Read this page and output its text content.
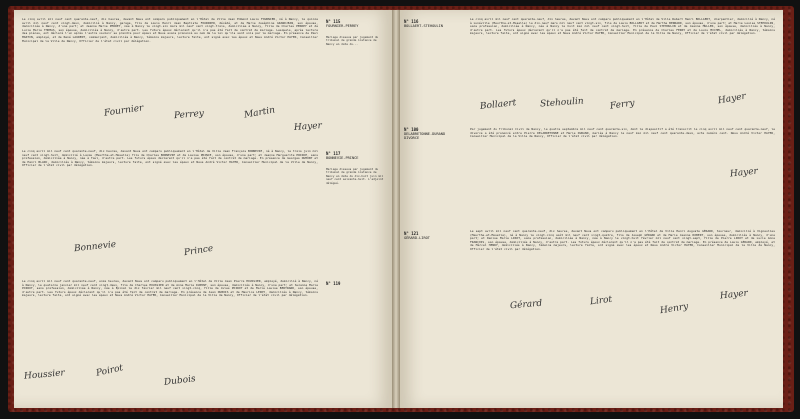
Le cinq avril mil neuf cent quarante-neuf, dix heures, devant Nous ont comparu publiquement en l'Hôtel de Ville Jean Edmond Louis FOURNIER, né à Nancy, le quinze avril mil neuf cent vingt-deux, domicilié à Nancy, garage, fils de Louis Henri Jean Baptiste FOURNIER, décédé, et de Marie Joséphine GRANDJEAN, son épouse, domiciliée à Nancy, d'une part; et Jeanne Marie PERREY, née à Nancy le vingt-six mars mil neuf cent vingt-trois, domiciliée à Nancy, fille de Charles PERREY et de Lucie Marie THOMAS, son épouse, domiciliés à Nancy, d'autre part. Les futurs époux déclarent qu'il n'a pas été fait de contrat de mariage. Lesquels, après lecture des pièces, ont déclaré l'un après l'autre vouloir se prendre pour époux et Nous avons prononcé au nom de la loi qu'ils sont unis par le mariage. En présence de Paul MARTIN, employé, et de René LAURENT, commerçant, domiciliés à Nancy, témoins majeurs, lecture faite, ont signé avec les époux et Nous André Victor HAYER, Conseiller Municipal de la Ville de Nancy, Officier de l'état civil par délégation.

N° 115
FOURNIER-PERREY
Mariage dissous par jugement du tribunal de grande instance de Nancy en date du...
Fournier	Perrey	Martin
Hayer

Le cinq avril mil neuf cent quarante-neuf, dix heures, devant Nous ont comparu publiquement en l'Hôtel de Ville Jean François BONNEVIE, né à Nancy, le trois juin mil neuf cent vingt-huit, domicilié à Laxou (Meurthe-et-Moselle) fils de Charles BONNEVIE et de Louise PRINCE, son épouse, d'une part; et Jeanne Marguerite PRINCE, sans profession, domiciliée à Nancy, née à Toul, d'autre part. Les futurs époux déclarent qu'il n'a pas été fait de contrat de mariage. En présence de Georges DUMONT et de Henri BLANC, domiciliés à Nancy, témoins majeurs, lecture faite, ont signé avec les époux et Nous André Victor HAYER, Conseiller Municipal de la Ville de Nancy, Officier de l'état civil par délégation.

N° 117
BONNEVIE-PRINCE
Mariage dissous par jugement du tribunal de grande instance de Nancy en date du dix-huit juin mil neuf cent soixante-huit. L'adjoint délégué.
Bonnevie	Prince

Le cinq avril mil neuf cent quarante-neuf, onze heures, devant Nous ont comparu publiquement en l'Hôtel de Ville Jean Pierre HOUSSIER, employé, domicilié à Nancy, né à Nancy, le quatorze janvier mil neuf cent vingt-deux, fils de Charles HOUSSIER et de Anne Marie DUPONT, son épouse, domiciliés à Nancy, d'une part; et Suzanne Marie POIROT, sans profession, domiciliée à Nancy, née à Épinal le dix février mil neuf cent vingt-cinq, fille de Jules POIROT et de Marie Louise BERTRAND, son épouse, d'autre part. Les futurs époux déclarent qu'il n'a pas été fait de contrat de mariage. En présence de Jean DUBOIS et de Maurice LEROY, domiciliés à Nancy, témoins majeurs, lecture faite, ont signé avec les époux et Nous André Victor HAYER, Conseiller Municipal de la Ville de Nancy, Officier de l'état civil par délégation.

N° 119
Houssier	Poirot
Dubois
N° 116
BOLLAERT-STEHOULIN

Le cinq avril mil neuf cent quarante-neuf, dix heures, devant Nous ont comparu publiquement en l'Hôtel de Ville Robert Henri BOLLAERT, charpentier, domicilié à Nancy, né à Lunéville (Meurthe-et-Moselle) le dix-neuf mars mil neuf cent vingt-six, fils de Louis BOLLAERT et de Marthe BERNARD, son épouse, d'une part; et Marie Louise STEHOULIN, sans profession, domiciliée à Nancy, née à Nancy le huit mai mil neuf cent vingt-huit, fille de Paul STEHOULIN et de Jeanne MULLER, son épouse, domiciliés à Nancy, d'autre part. Les futurs époux déclarent qu'il n'a pas été fait de contrat de mariage. En présence de Charles FERRY et de Louis MICHEL, domiciliés à Nancy, témoins majeurs, lecture faite, ont signé avec les époux et Nous André Victor HAYER, Conseiller Municipal de la Ville de Nancy, Officier de l'état civil par délégation.

Bollaert	Stehoulin	Ferry	Hayer
N° 100
DELABRETONNE-DURAND
DIVORCE

Par jugement du Tribunal Civil de Nancy, le quatre septembre mil neuf cent quarante-six, dont le dispositif a été transcrit le cinq avril mil neuf cent quarante-neuf, le divorce a été prononcé entre Pierre DELABRETONNE et Marie DURAND, mariés à Nancy le neuf mai mil neuf cent quarante-deux, acte numéro cent. Nous André Victor HAYER, Conseiller Municipal de la Ville de Nancy, Officier de l'état civil par délégation.

Hayer
N° 121
GÉRARD-LIROT

Le sept avril mil neuf cent quarante-neuf, dix heures, devant Nous ont comparu publiquement en l'Hôtel de Ville Henri Auguste GÉRARD, tourneur, domicilié à Vigneulles (Meurthe-et-Moselle), né à Nancy le vingt-cinq août mil neuf cent vingt-quatre, fils de Joseph GÉRARD et de Marie Jeanne ROBERT, son épouse, domiciliés à Nancy, d'une part; et Denise Marie LIROT, sans profession, domiciliée à Nancy, née à Nancy le vingt-huit février mil neuf cent vingt-sept, fille de Pierre LIROT et de Lucie Anne FRANÇOIS, son épouse, domiciliés à Nancy, d'autre part. Les futurs époux déclarent qu'il n'a pas été fait de contrat de mariage. En présence de Louis GÉRARD, employé, et de Marcel HENRY, domiciliés à Nancy, témoins majeurs, lecture faite, ont signé avec les époux et Nous André Victor HAYER, Conseiller Municipal de la Ville de Nancy, Officier de l'état civil par délégation.

Gérard	Lirot
Henry
Hayer
